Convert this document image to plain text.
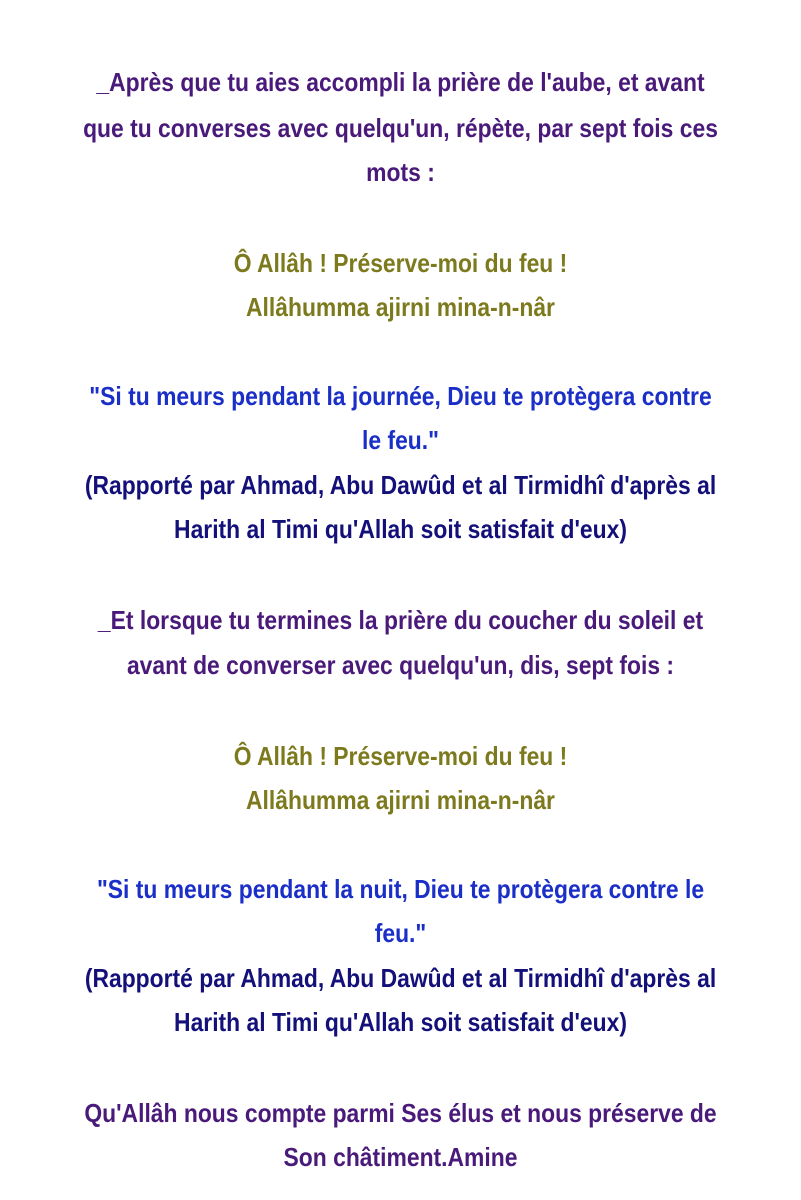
_Après que tu aies accompli la prière de l'aube, et avant
que tu converses avec quelqu'un, répète, par sept fois ces
mots :
Ô Allâh ! Préserve-moi du feu !
Allâhumma ajirni mina-n-nâr
"Si tu meurs pendant la journée, Dieu te protègera contre
le feu."
(Rapporté par Ahmad, Abu Dawûd et al Tirmidhî d'après al
Harith al Timi qu'Allah soit satisfait d'eux)
_Et lorsque tu termines la prière du coucher du soleil et
avant de converser avec quelqu'un, dis, sept fois :
Ô Allâh ! Préserve-moi du feu !
Allâhumma ajirni mina-n-nâr
"Si tu meurs pendant la nuit, Dieu te protègera contre le
feu."
(Rapporté par Ahmad, Abu Dawûd et al Tirmidhî d'après al
Harith al Timi qu'Allah soit satisfait d'eux)
Qu'Allâh nous compte parmi Ses élus et nous préserve de
Son châtiment.Amine
